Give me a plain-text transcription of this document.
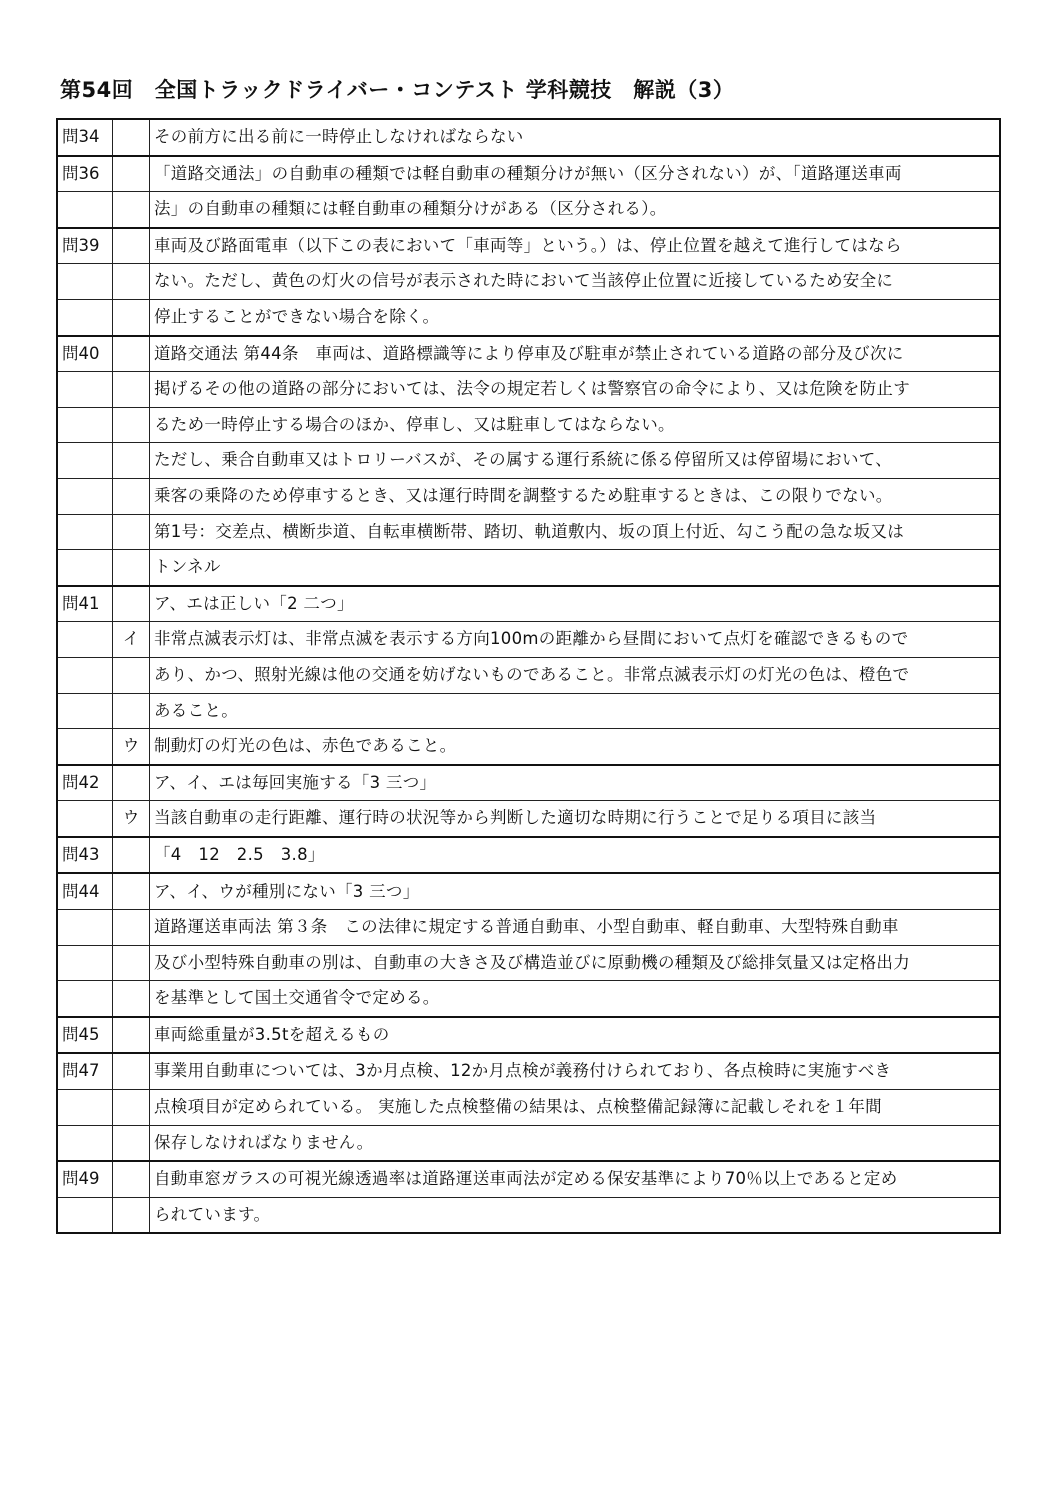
第54回　全国トラックドライバー・コンテスト 学科競技　解説（3）
問34		その前方に出る前に一時停止しなければならない
問36		「道路交通法」の自動車の種類では軽自動車の種類分けが無い（区分されない）が、「道路運送車両
		法」の自動車の種類には軽自動車の種類分けがある（区分される）。
問39		車両及び路面電車（以下この表において「車両等」という。）は、停止位置を越えて進行してはなら
		ない。ただし、黄色の灯火の信号が表示された時において当該停止位置に近接しているため安全に
		停止することができない場合を除く。
問40		道路交通法 第44条　車両は、道路標識等により停車及び駐車が禁止されている道路の部分及び次に
		掲げるその他の道路の部分においては、法令の規定若しくは警察官の命令により、又は危険を防止す
		るため一時停止する場合のほか、停車し、又は駐車してはならない。
		ただし、乗合自動車又はトロリーバスが、その属する運行系統に係る停留所又は停留場において、
		乗客の乗降のため停車するとき、又は運行時間を調整するため駐車するときは、この限りでない。
		第1号：交差点、横断歩道、自転車横断帯、踏切、軌道敷内、坂の頂上付近、勾こう配の急な坂又は
		トンネル
問41		ア、エは正しい「2 二つ」
	イ	非常点滅表示灯は、非常点滅を表示する方向100mの距離から昼間において点灯を確認できるもので
		あり、かつ、照射光線は他の交通を妨げないものであること。非常点滅表示灯の灯光の色は、橙色で
		あること。
	ウ	制動灯の灯光の色は、赤色であること。
問42		ア、イ、エは毎回実施する「3 三つ」
	ウ	当該自動車の走行距離、運行時の状況等から判断した適切な時期に行うことで足りる項目に該当
問43		「4　12　2.5　3.8」
問44		ア、イ、ウが種別にない「3 三つ」
		道路運送車両法 第３条　この法律に規定する普通自動車、小型自動車、軽自動車、大型特殊自動車
		及び小型特殊自動車の別は、自動車の大きさ及び構造並びに原動機の種類及び総排気量又は定格出力
		を基準として国土交通省令で定める。
問45		車両総重量が3.5tを超えるもの
問47		事業用自動車については、3か月点検、12か月点検が義務付けられており、各点検時に実施すべき
		点検項目が定められている。 実施した点検整備の結果は、点検整備記録簿に記載しそれを１年間
		保存しなければなりません。
問49		自動車窓ガラスの可視光線透過率は道路運送車両法が定める保安基準により70％以上であると定め
		られています。
